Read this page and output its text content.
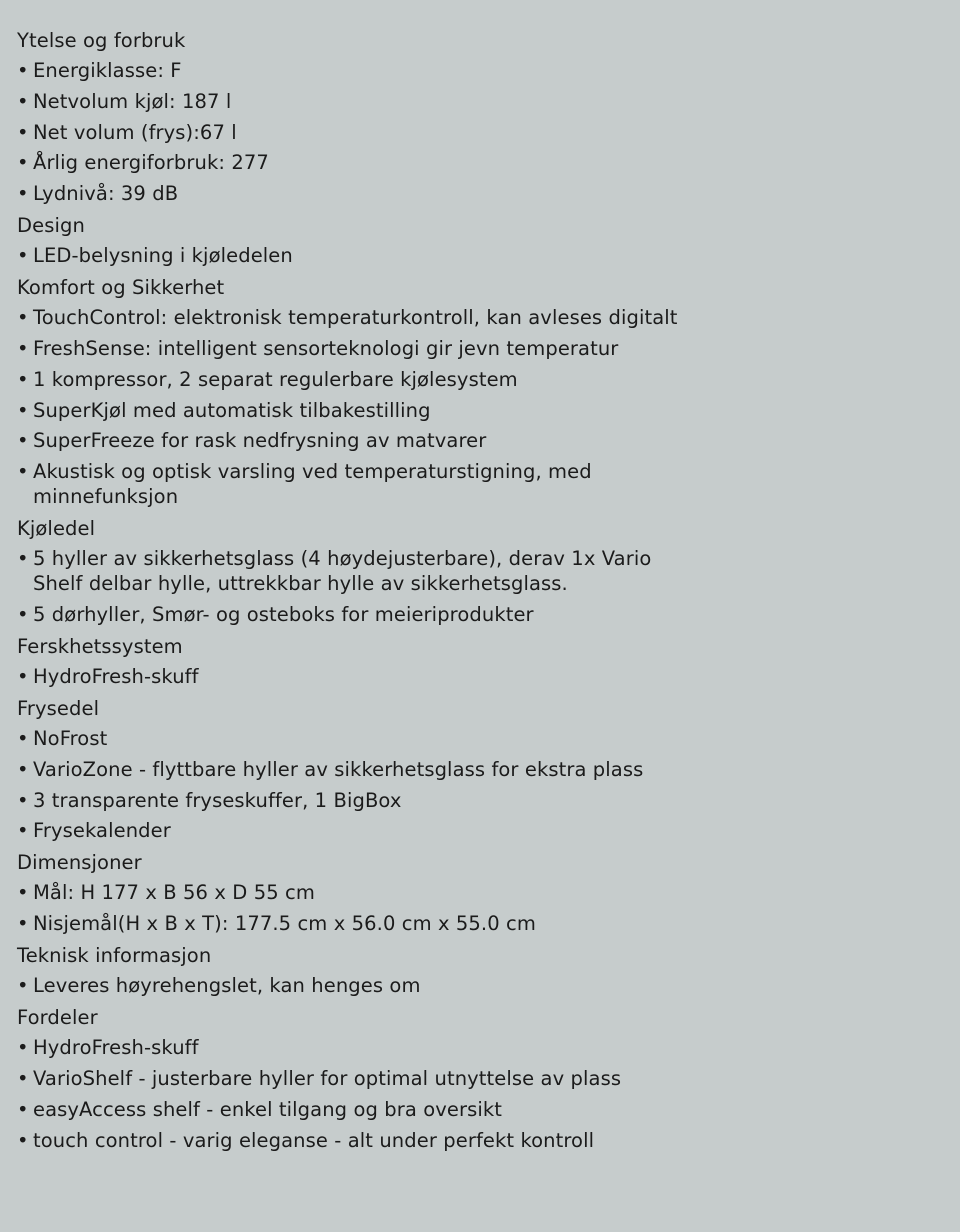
Ytelse og forbruk
• Energiklasse: F
• Netvolum kjøl: 187 l
• Net volum (frys):67 l
• Årlig energiforbruk: 277
• Lydnivå: 39 dB
Design
• LED-belysning i kjøledelen
Komfort og Sikkerhet
• TouchControl: elektronisk temperaturkontroll, kan avleses digitalt
• FreshSense: intelligent sensorteknologi gir jevn temperatur
• 1 kompressor, 2 separat regulerbare kjølesystem
• SuperKjøl med automatisk tilbakestilling
• SuperFreeze for rask nedfrysning av matvarer
• Akustisk og optisk varsling ved temperaturstigning, med minnefunksjon
Kjøledel
• 5 hyller av sikkerhetsglass (4 høydejusterbare), derav 1x Vario Shelf delbar hylle, uttrekkbar hylle av sikkerhetsglass.
• 5 dørhyller, Smør- og osteboks for meieriprodukter
Ferskhetssystem
• HydroFresh-skuff
Frysedel
• NoFrost
• VarioZone - flyttbare hyller av sikkerhetsglass for ekstra plass
• 3 transparente fryseskuffer, 1 BigBox
• Frysekalender
Dimensjoner
• Mål: H 177 x B 56 x D 55 cm
• Nisjemål(H x B x T): 177.5 cm x 56.0 cm x 55.0 cm
Teknisk informasjon
• Leveres høyrehengslet, kan henges om
Fordeler
• HydroFresh-skuff
• VarioShelf - justerbare hyller for optimal utnyttelse av plass
• easyAccess shelf - enkel tilgang og bra oversikt
• touch control - varig eleganse - alt under perfekt kontroll
